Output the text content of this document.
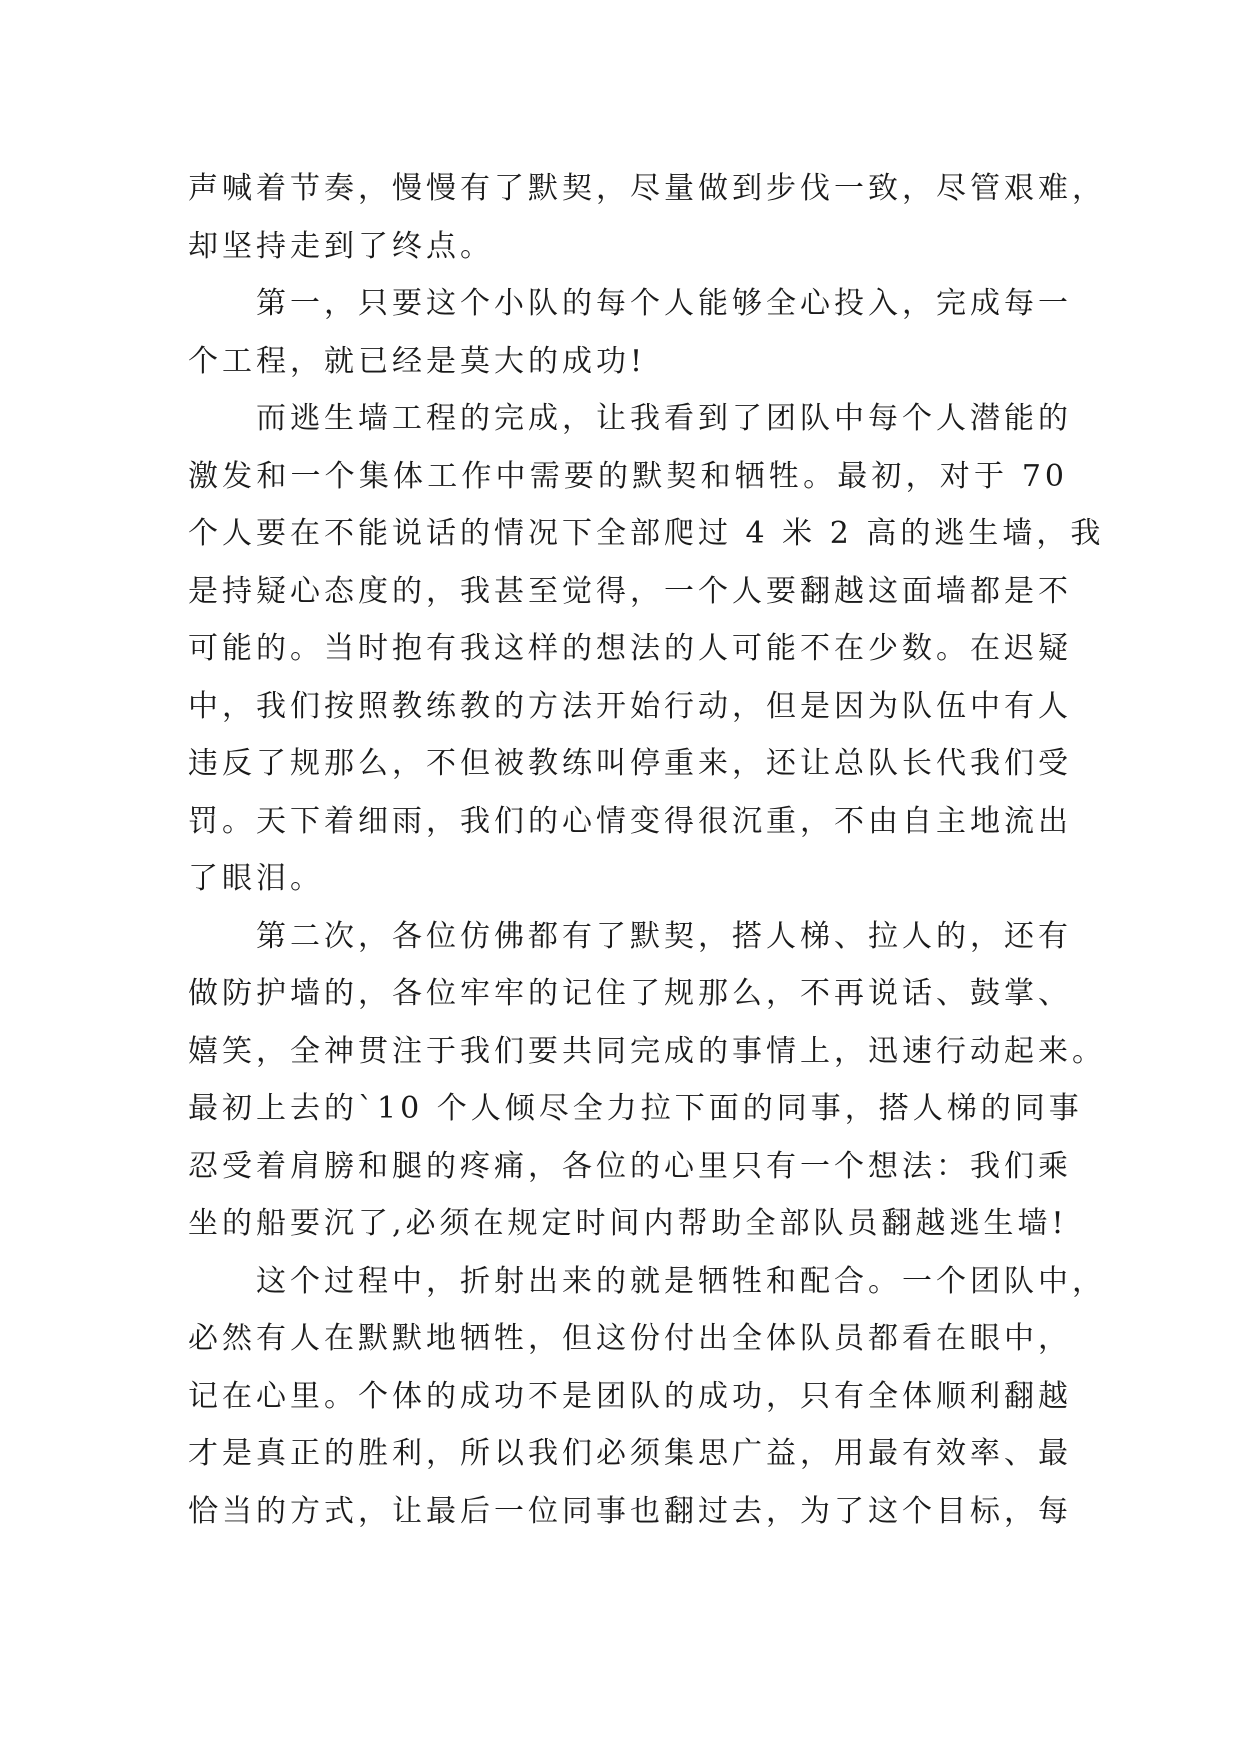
声喊着节奏，慢慢有了默契，尽量做到步伐一致，尽管艰难，
却坚持走到了终点。
第一，只要这个小队的每个人能够全心投入，完成每一
个工程，就已经是莫大的成功!
而逃生墙工程的完成，让我看到了团队中每个人潜能的
激发和一个集体工作中需要的默契和牺牲。最初，对于 70
个人要在不能说话的情况下全部爬过 4 米 2 高的逃生墙，我
是持疑心态度的，我甚至觉得，一个人要翻越这面墙都是不
可能的。当时抱有我这样的想法的人可能不在少数。在迟疑
中，我们按照教练教的方法开始行动，但是因为队伍中有人
违反了规那么，不但被教练叫停重来，还让总队长代我们受
罚。天下着细雨，我们的心情变得很沉重，不由自主地流出
了眼泪。
第二次，各位仿佛都有了默契，搭人梯、拉人的，还有
做防护墙的，各位牢牢的记住了规那么，不再说话、鼓掌、
嬉笑，全神贯注于我们要共同完成的事情上，迅速行动起来。
最初上去的`10 个人倾尽全力拉下面的同事，搭人梯的同事
忍受着肩膀和腿的疼痛，各位的心里只有一个想法：我们乘
坐的船要沉了,必须在规定时间内帮助全部队员翻越逃生墙!
这个过程中，折射出来的就是牺牲和配合。一个团队中，
必然有人在默默地牺牲，但这份付出全体队员都看在眼中，
记在心里。个体的成功不是团队的成功，只有全体顺利翻越
才是真正的胜利，所以我们必须集思广益，用最有效率、最
恰当的方式，让最后一位同事也翻过去，为了这个目标，每
